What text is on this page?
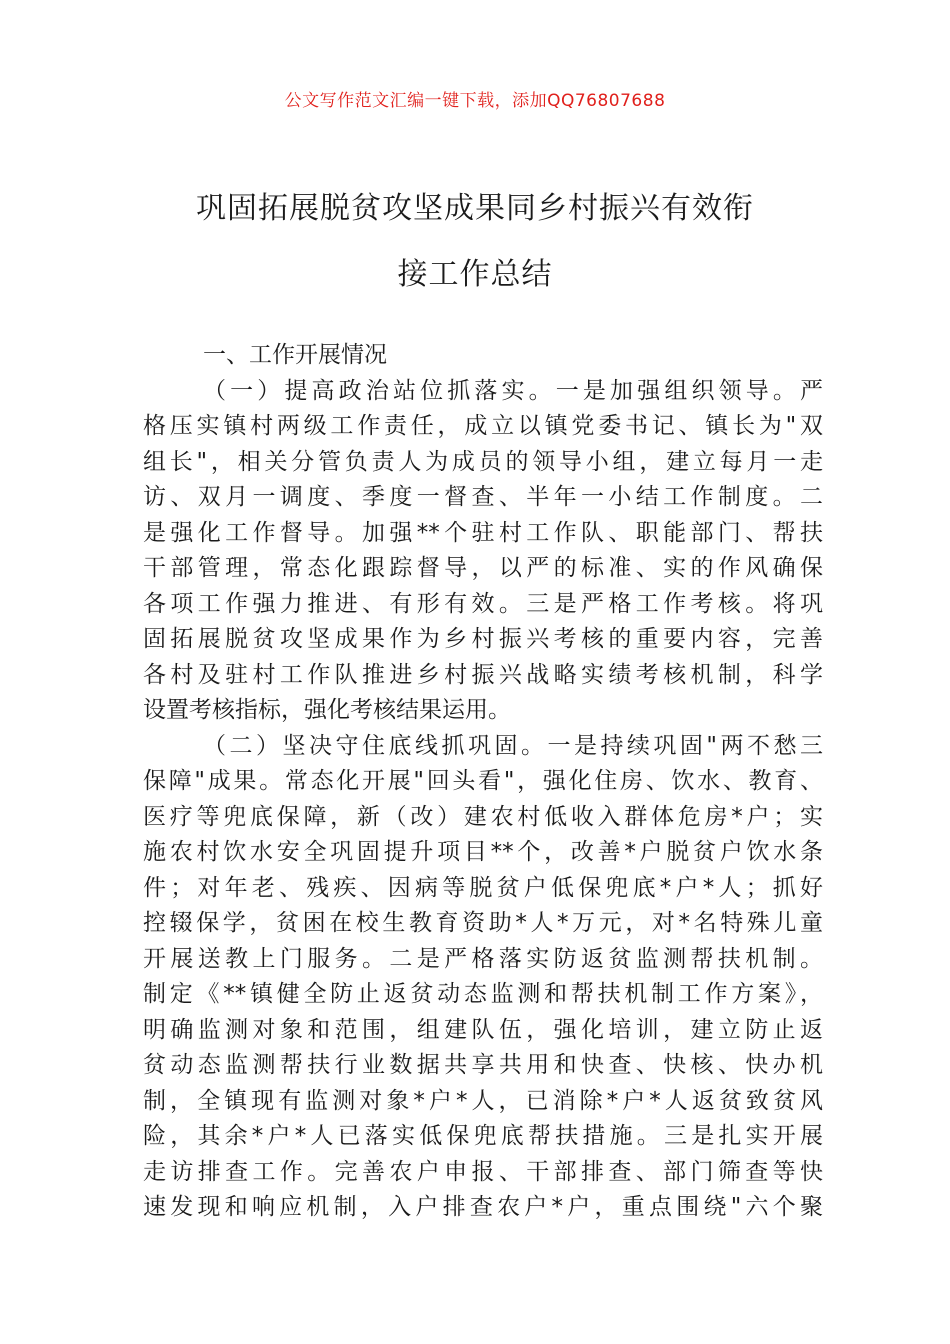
公文写作范文汇编一键下载，添加QQ76807688
巩固拓展脱贫攻坚成果同乡村振兴有效衔
接工作总结
一、工作开展情况
（一）提高政治站位抓落实。一是加强组织领导。严
格压实镇村两级工作责任，成立以镇党委书记、镇长为"双
组长"，相关分管负责人为成员的领导小组，建立每月一走
访、双月一调度、季度一督查、半年一小结工作制度。二
是强化工作督导。加强**个驻村工作队、职能部门、帮扶
干部管理，常态化跟踪督导，以严的标准、实的作风确保
各项工作强力推进、有形有效。三是严格工作考核。将巩
固拓展脱贫攻坚成果作为乡村振兴考核的重要内容，完善
各村及驻村工作队推进乡村振兴战略实绩考核机制，科学
设置考核指标，强化考核结果运用。
（二）坚决守住底线抓巩固。一是持续巩固"两不愁三
保障"成果。常态化开展"回头看"，强化住房、饮水、教育、
医疗等兜底保障，新（改）建农村低收入群体危房*户；实
施农村饮水安全巩固提升项目**个，改善*户脱贫户饮水条
件；对年老、残疾、因病等脱贫户低保兜底*户*人；抓好
控辍保学，贫困在校生教育资助*人*万元，对*名特殊儿童
开展送教上门服务。二是严格落实防返贫监测帮扶机制。
制定《**镇健全防止返贫动态监测和帮扶机制工作方案》，
明确监测对象和范围，组建队伍，强化培训，建立防止返
贫动态监测帮扶行业数据共享共用和快查、快核、快办机
制，全镇现有监测对象*户*人，已消除*户*人返贫致贫风
险，其余*户*人已落实低保兜底帮扶措施。三是扎实开展
走访排查工作。完善农户申报、干部排查、部门筛查等快
速发现和响应机制，入户排查农户*户，重点围绕"六个聚
